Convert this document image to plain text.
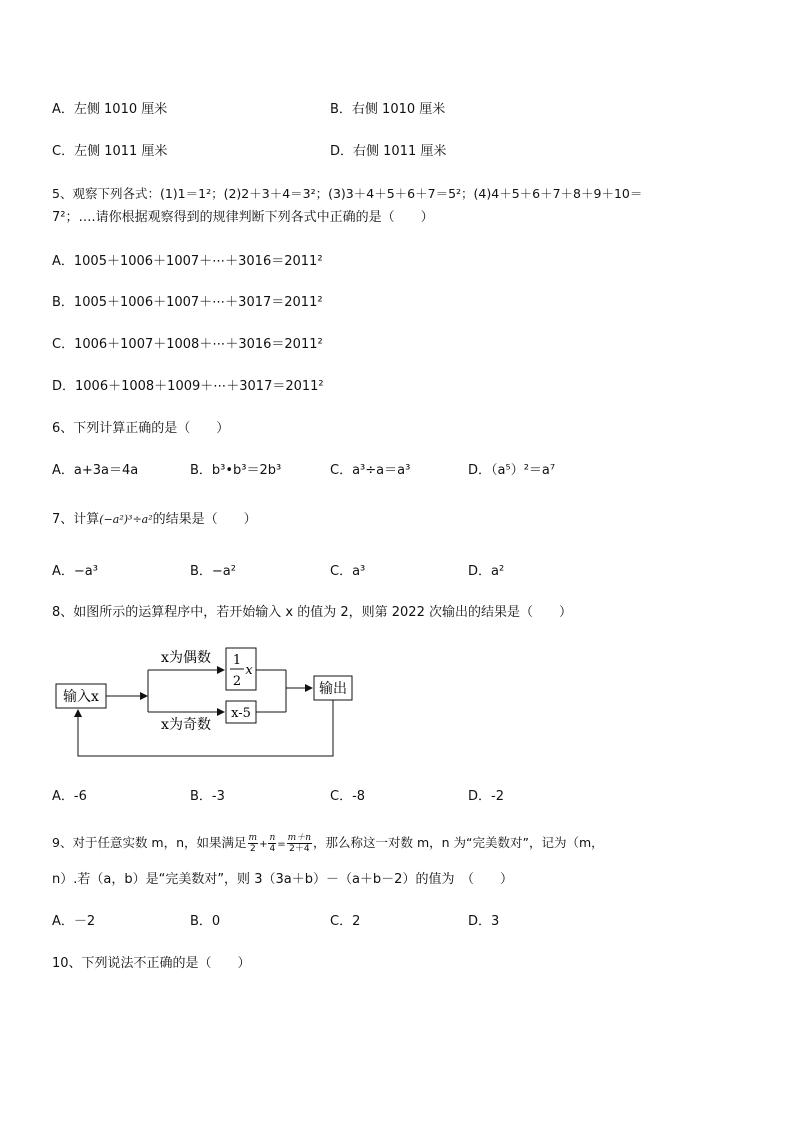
A．左侧 1010 厘米	B．右侧 1010 厘米
C．左侧 1011 厘米	D．右侧 1011 厘米
5、观察下列各式：(1)1＝1²；(2)2＋3＋4＝3²；(3)3＋4＋5＋6＋7＝5²；(4)4＋5＋6＋7＋8＋9＋10＝
7²；….请你根据观察得到的规律判断下列各式中正确的是（　　）
A．1005＋1006＋1007＋⋯＋3016＝2011²
B．1005＋1006＋1007＋⋯＋3017＝2011²
C．1006＋1007＋1008＋⋯＋3016＝2011²
D．1006＋1008＋1009＋⋯＋3017＝2011²
6、下列计算正确的是（　　）
A．a+3a＝4a	B．b³•b³＝2b³	C．a³÷a＝a³	D．（a⁵）²＝a⁷
7、计算(−a²)³÷a²的结果是（　　）
A．−a³	B．−a²	C．a³	D．a²
8、如图所示的运算程序中，若开始输入 x 的值为 2，则第 2022 次输出的结果是（　　）
输入x
x为偶数 1
2
x
x为奇数
x-5
输出
A．-6	B．-3	C．-8	D．-2
9、对于任意实数 m，n，如果满足 $\frac{m}{2} + \frac{n}{4} = \frac{m+n}{2+4}$ ，那么称这一对数 m，n 为“完美数对”，记为（m，
n）.若（a，b）是“完美数对”，则 3（3a＋b）－（a＋b－2）的值为　（　　）
A．－2	B．0	C．2	D．3
10、下列说法不正确的是（　　）
